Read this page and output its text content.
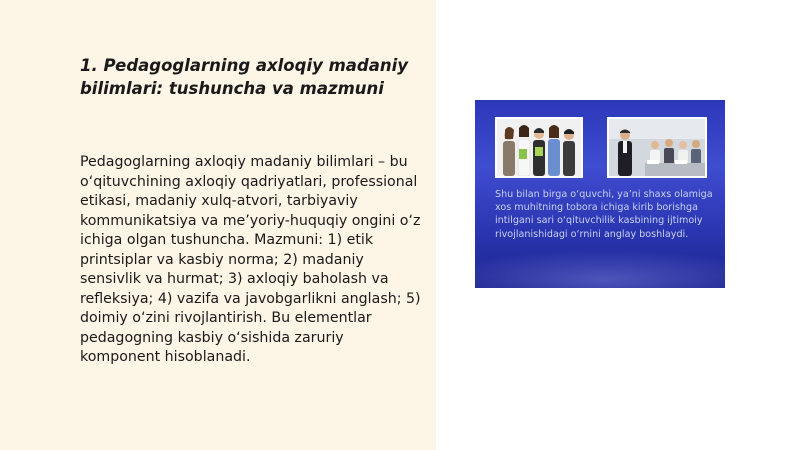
1. Pedagoglarning axloqiy madaniy bilimlari: tushuncha va mazmuni

Pedagoglarning axloqiy madaniy bilimlari – bu o‘qituvchining axloqiy qadriyatlari, professional etikasi, madaniy xulq-atvori, tarbiyaviy kommunikatsiya va me’yoriy-huquqiy ongini o‘z ichiga olgan tushuncha. Mazmuni: 1) etik printsiplar va kasbiy norma; 2) madaniy sensivlik va hurmat; 3) axloqiy baholash va refleksiya; 4) vazifa va javobgarlikni anglash; 5) doimiy o‘zini rivojlantirish. Bu elementlar pedagogning kasbiy o‘sishida zaruriy komponent hisoblanadi.

Shu bilan birga o‘quvchi, ya’ni shaxs olamiga xos muhitning tobora ichiga kirib borishga intilgani sari o‘qituvchilik kasbining ijtimoiy rivojlanishidagi o‘rnini anglay boshlaydi.
